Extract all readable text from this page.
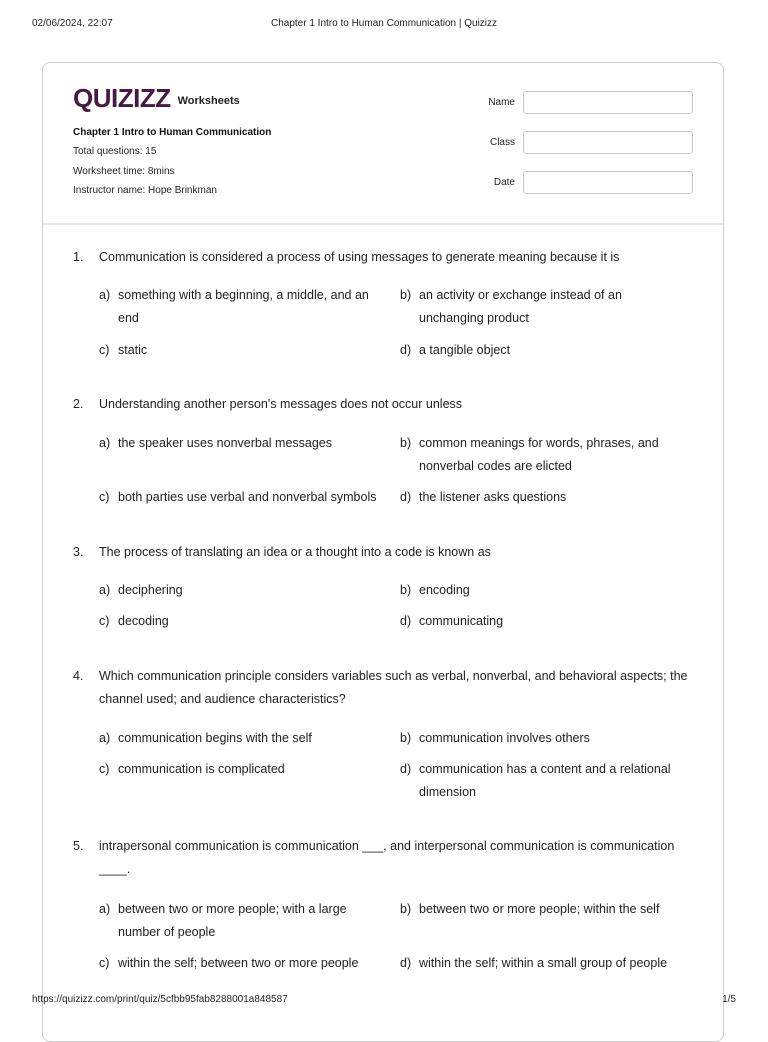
02/06/2024, 22:07	Chapter 1 Intro to Human Communication | Quizizz
QUIZIZZ Worksheets
Chapter 1 Intro to Human Communication
Total questions: 15
Worksheet time: 8mins
Instructor name: Hope Brinkman
Name
Class
Date
1. Communication is considered a process of using messages to generate meaning because it is
a) something with a beginning, a middle, and an end
b) an activity or exchange instead of an unchanging product
c) static	d) a tangible object
2. Understanding another person's messages does not occur unless
a) the speaker uses nonverbal messages	b) common meanings for words, phrases, and nonverbal codes are elicted
c) both parties use verbal and nonverbal symbols	d) the listener asks questions
3. The process of translating an idea or a thought into a code is known as
a) deciphering	b) encoding
c) decoding	d) communicating
4. Which communication principle considers variables such as verbal, nonverbal, and behavioral aspects; the channel used; and audience characteristics?
a) communication begins with the self	b) communication involves others
c) communication is complicated	d) communication has a content and a relational dimension
5. intrapersonal communication is communication ___, and interpersonal communication is communication ____.
a) between two or more people; with a large number of people
b) between two or more people; within the self
c) within the self; between two or more people	d) within the self; within a small group of people
https://quizizz.com/print/quiz/5cfbb95fab8288001a848587	1/5
